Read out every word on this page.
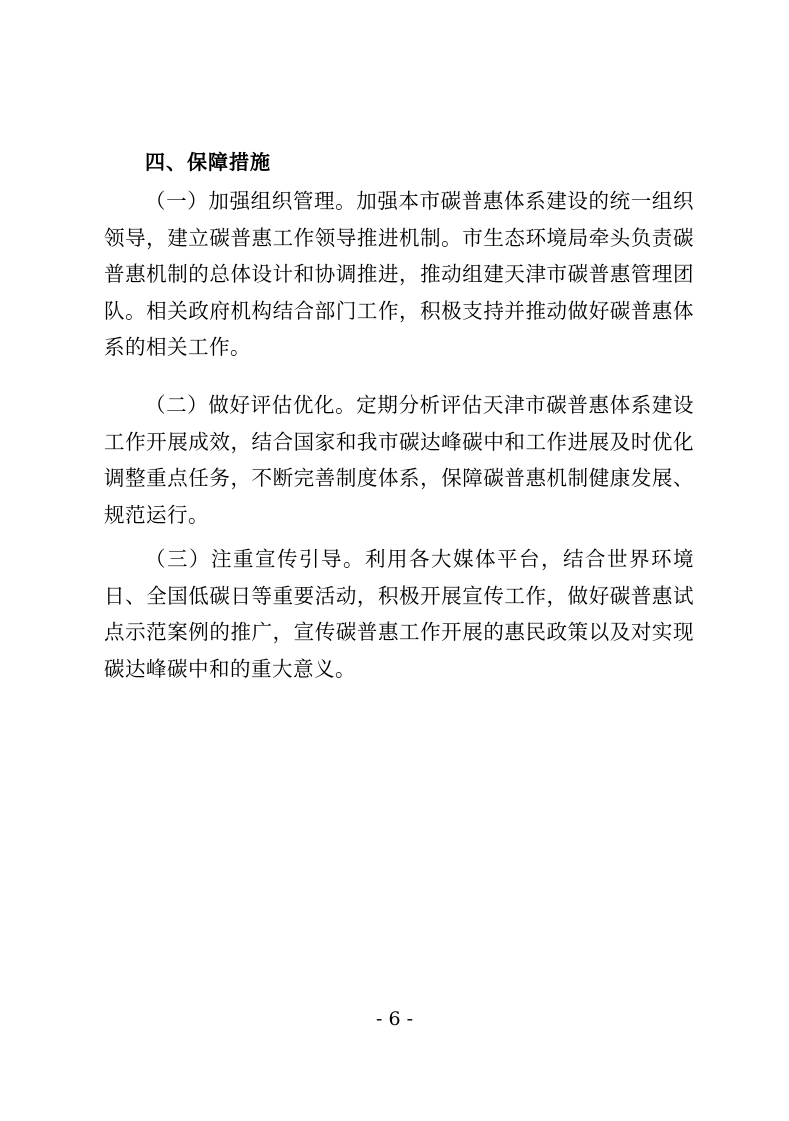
四、保障措施

（一）加强组织管理。加强本市碳普惠体系建设的统一组织领导，建立碳普惠工作领导推进机制。市生态环境局牵头负责碳普惠机制的总体设计和协调推进，推动组建天津市碳普惠管理团队。相关政府机构结合部门工作，积极支持并推动做好碳普惠体系的相关工作。

（二）做好评估优化。定期分析评估天津市碳普惠体系建设工作开展成效，结合国家和我市碳达峰碳中和工作进展及时优化调整重点任务，不断完善制度体系，保障碳普惠机制健康发展、规范运行。

（三）注重宣传引导。利用各大媒体平台，结合世界环境日、全国低碳日等重要活动，积极开展宣传工作，做好碳普惠试点示范案例的推广，宣传碳普惠工作开展的惠民政策以及对实现碳达峰碳中和的重大意义。

- 6 -
